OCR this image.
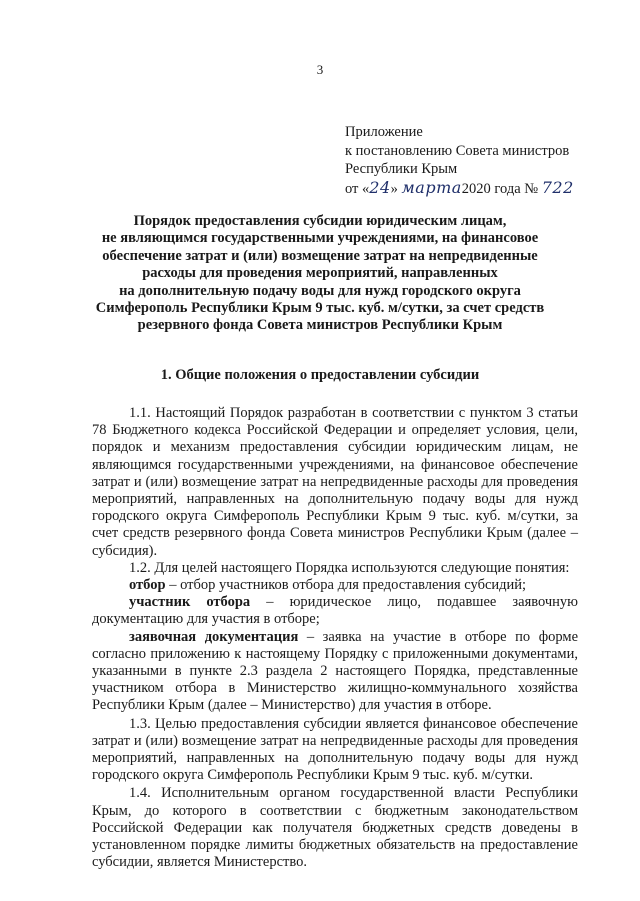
3
Приложение
к постановлению Совета министров
Республики Крым
от «24» марта2020 года № 722
Порядок предоставления субсидии юридическим лицам,
не являющимся государственными учреждениями, на финансовое
обеспечение затрат и (или) возмещение затрат на непредвиденные
расходы для проведения мероприятий, направленных
на дополнительную подачу воды для нужд городского округа
Симферополь Республики Крым 9 тыс. куб. м/сутки, за счет средств
резервного фонда Совета министров Республики Крым
1. Общие положения о предоставлении субсидии

1.1. Настоящий Порядок разработан в соответствии с пунктом 3 статьи 78 Бюджетного кодекса Российской Федерации и определяет условия, цели, порядок и механизм предоставления субсидии юридическим лицам, не являющимся государственными учреждениями, на финансовое обеспечение затрат и (или) возмещение затрат на непредвиденные расходы для проведения мероприятий, направленных на дополнительную подачу воды для нужд городского округа Симферополь Республики Крым 9 тыс. куб. м/сутки, за счет средств резервного фонда Совета министров Республики Крым (далее – субсидия).

1.2. Для целей настоящего Порядка используются следующие понятия:

отбор – отбор участников отбора для предоставления субсидий;

участник отбора – юридическое лицо, подавшее заявочную документацию для участия в отборе;

заявочная документация – заявка на участие в отборе по форме согласно приложению к настоящему Порядку с приложенными документами, указанными в пункте 2.3 раздела 2 настоящего Порядка, представленные участником отбора в Министерство жилищно-коммунального хозяйства Республики Крым (далее – Министерство) для участия в отборе.

1.3. Целью предоставления субсидии является финансовое обеспечение затрат и (или) возмещение затрат на непредвиденные расходы для проведения мероприятий, направленных на дополнительную подачу воды для нужд городского округа Симферополь Республики Крым 9 тыс. куб. м/сутки.

1.4. Исполнительным органом государственной власти Республики Крым, до которого в соответствии с бюджетным законодательством Российской Федерации как получателя бюджетных средств доведены в установленном порядке лимиты бюджетных обязательств на предоставление субсидии, является Министерство.
